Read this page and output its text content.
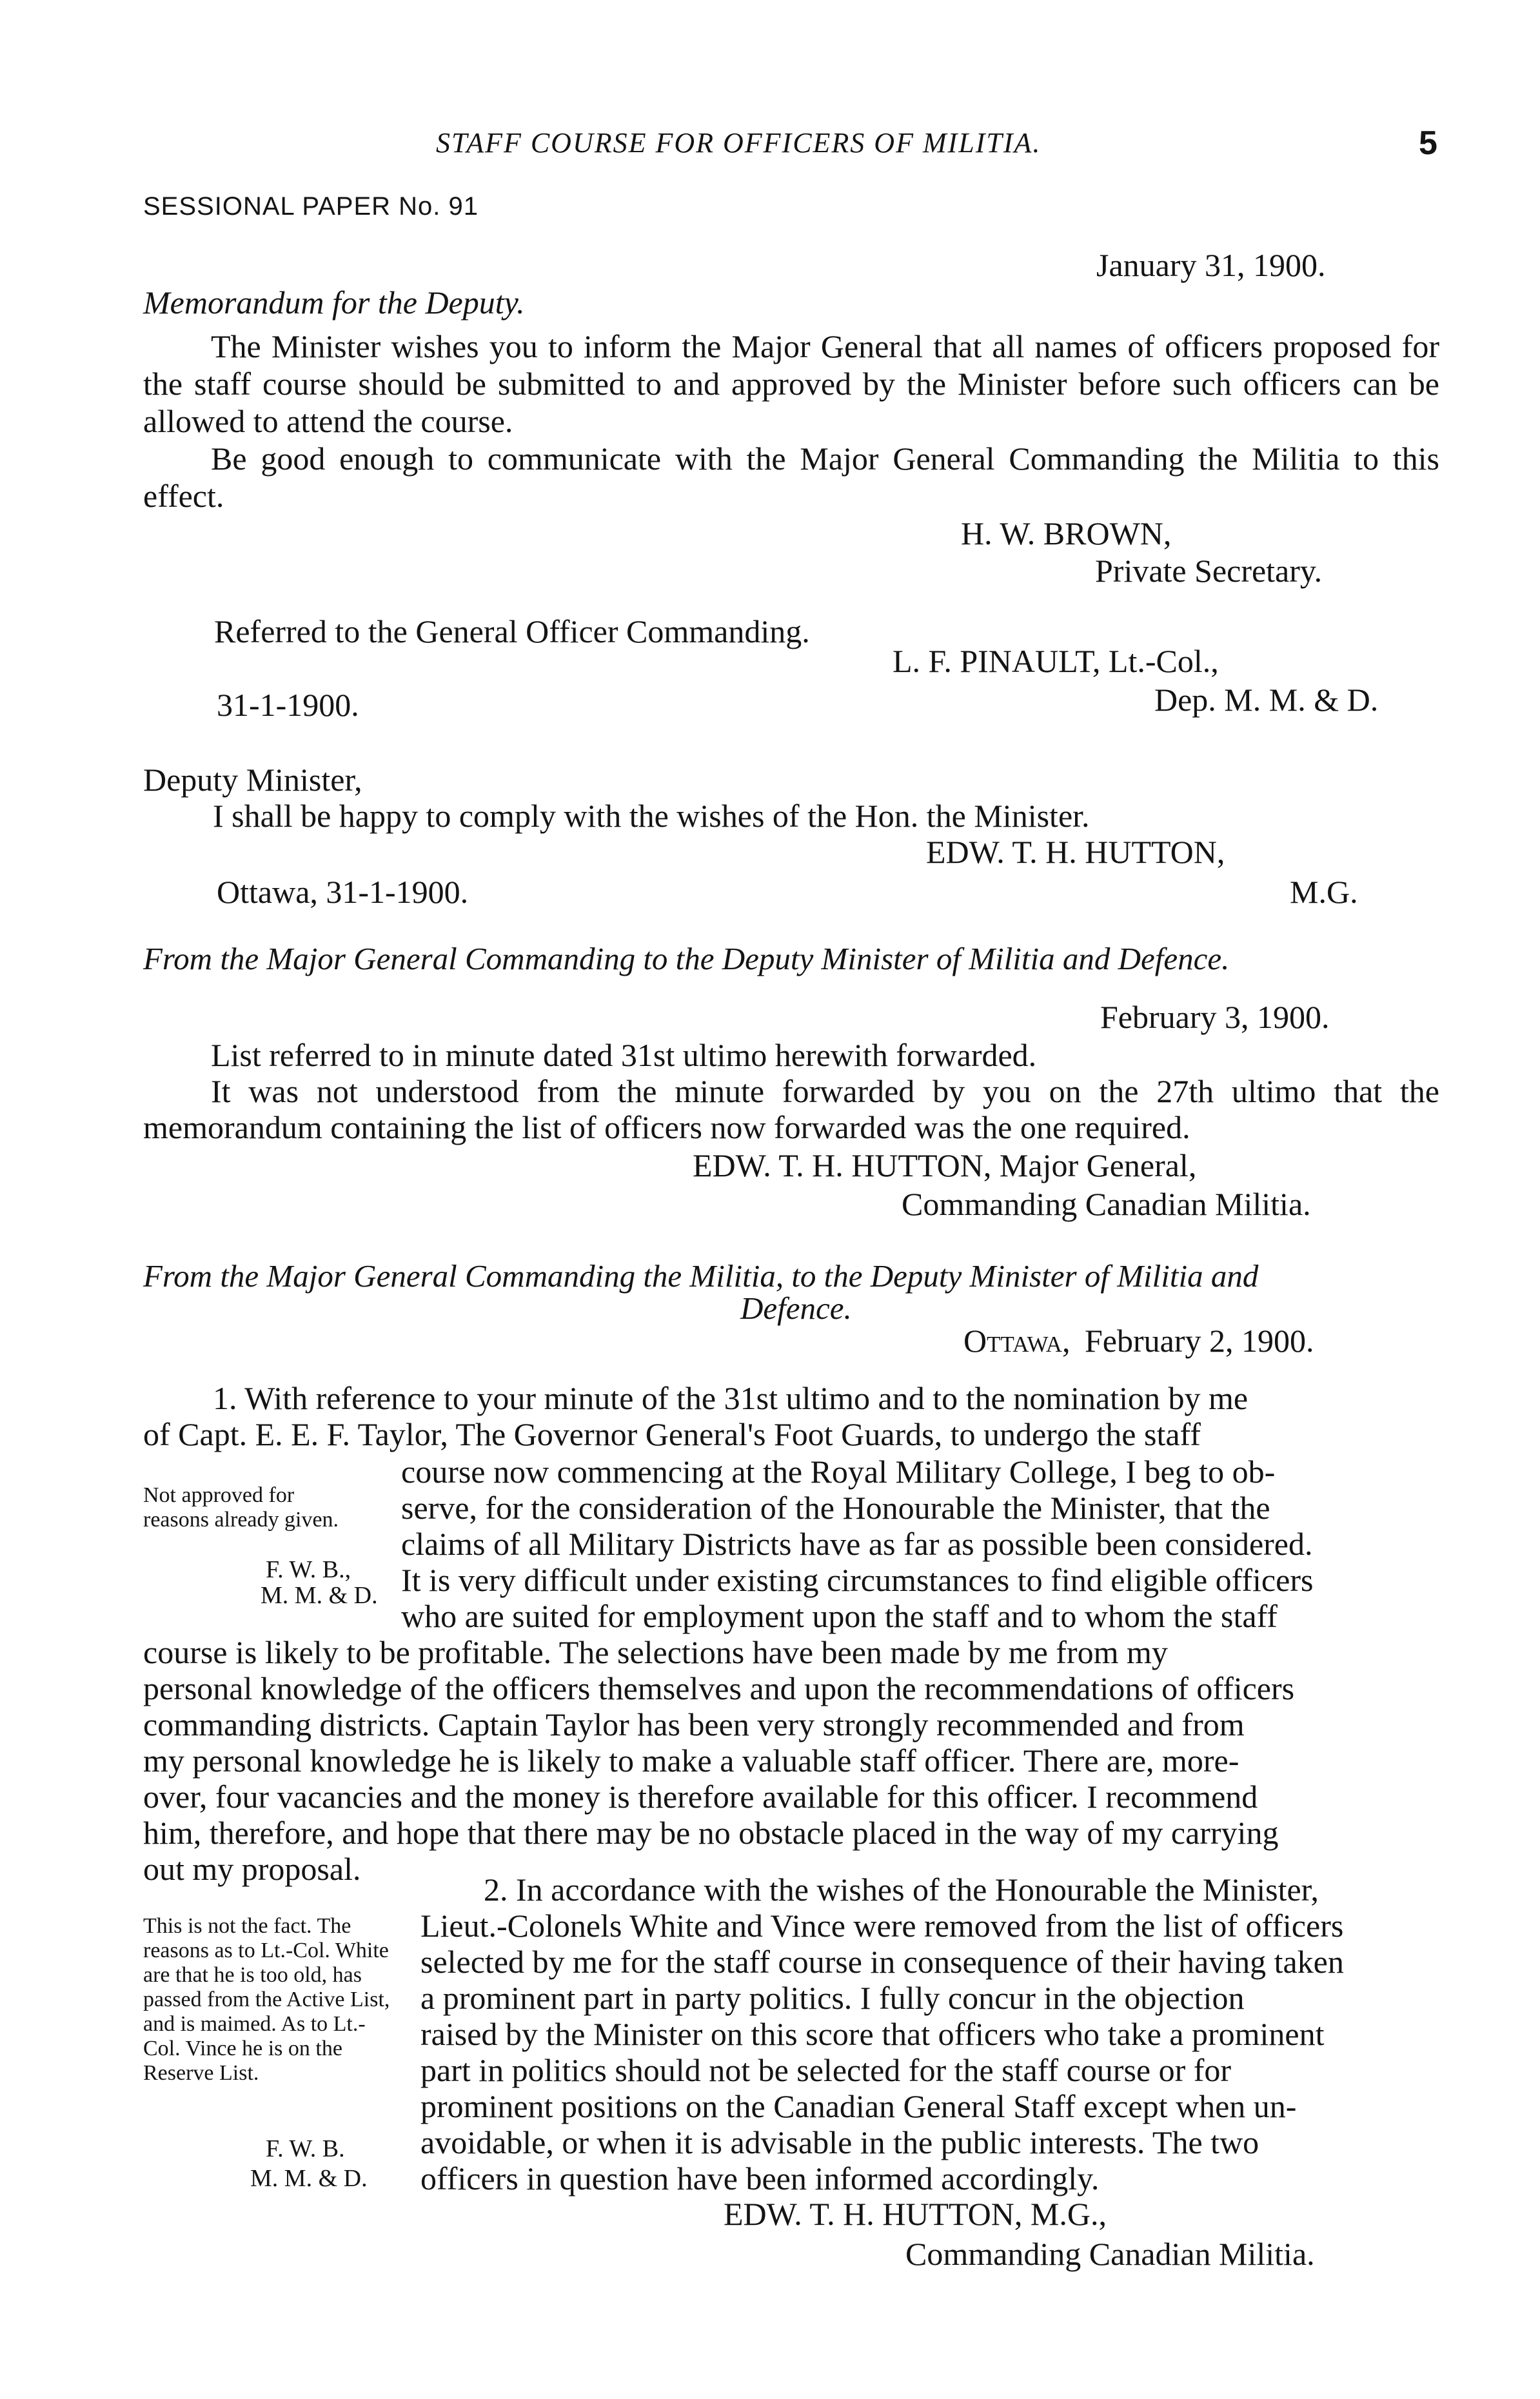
STAFF COURSE FOR OFFICERS OF MILITIA.	5
SESSIONAL PAPER No. 91
January 31, 1900.
Memorandum for the Deputy.

The Minister wishes you to inform the Major General that all names of officers proposed for the staff course should be submitted to and approved by the Minister before such officers can be allowed to attend the course.

Be good enough to communicate with the Major General Commanding the Militia to this effect.

H. W. BROWN,
Private Secretary.
Referred to the General Officer Commanding.
L. F. PINAULT, Lt.-Col.,
31-1-1900.	Dep. M. M. & D.
Deputy Minister,
I shall be happy to comply with the wishes of the Hon. the Minister.
EDW. T. H. HUTTON,
Ottawa, 31-1-1900.	M.G.
From the Major General Commanding to the Deputy Minister of Militia and Defence.
February 3, 1900.

List referred to in minute dated 31st ultimo herewith forwarded.

It was not understood from the minute forwarded by you on the 27th ultimo that the memorandum containing the list of officers now forwarded was the one required.

EDW. T. H. HUTTON, Major General,
Commanding Canadian Militia.
From the Major General Commanding the Militia, to the Deputy Minister of Militia and
Defence.
Ottawa, February 2, 1900.
1. With reference to your minute of the 31st ultimo and to the nomination by me
of Capt. E. E. F. Taylor, The Governor General's Foot Guards, to undergo the staff
Not approved for reasons already given.
F. W. B.,
M. M. & D.
course now commencing at the Royal Military College, I beg to ob-
serve, for the consideration of the Honourable the Minister, that the
claims of all Military Districts have as far as possible been considered.
It is very difficult under existing circumstances to find eligible officers
who are suited for employment upon the staff and to whom the staff
course is likely to be profitable. The selections have been made by me from my
personal knowledge of the officers themselves and upon the recommendations of officers
commanding districts. Captain Taylor has been very strongly recommended and from
my personal knowledge he is likely to make a valuable staff officer. There are, more-
over, four vacancies and the money is therefore available for this officer. I recommend
him, therefore, and hope that there may be no obstacle placed in the way of my carrying
out my proposal.
This is not the fact. The reasons as to Lt.-Col. White are that he is too old, has passed from the Active List, and is maimed. As to Lt.-Col. Vince he is on the Reserve List.
F. W. B.
M. M. & D.
2. In accordance with the wishes of the Honourable the Minister,
Lieut.-Colonels White and Vince were removed from the list of officers
selected by me for the staff course in consequence of their having taken
a prominent part in party politics. I fully concur in the objection
raised by the Minister on this score that officers who take a prominent
part in politics should not be selected for the staff course or for
prominent positions on the Canadian General Staff except when un-
avoidable, or when it is advisable in the public interests. The two
officers in question have been informed accordingly.
EDW. T. H. HUTTON, M.G.,
Commanding Canadian Militia.
